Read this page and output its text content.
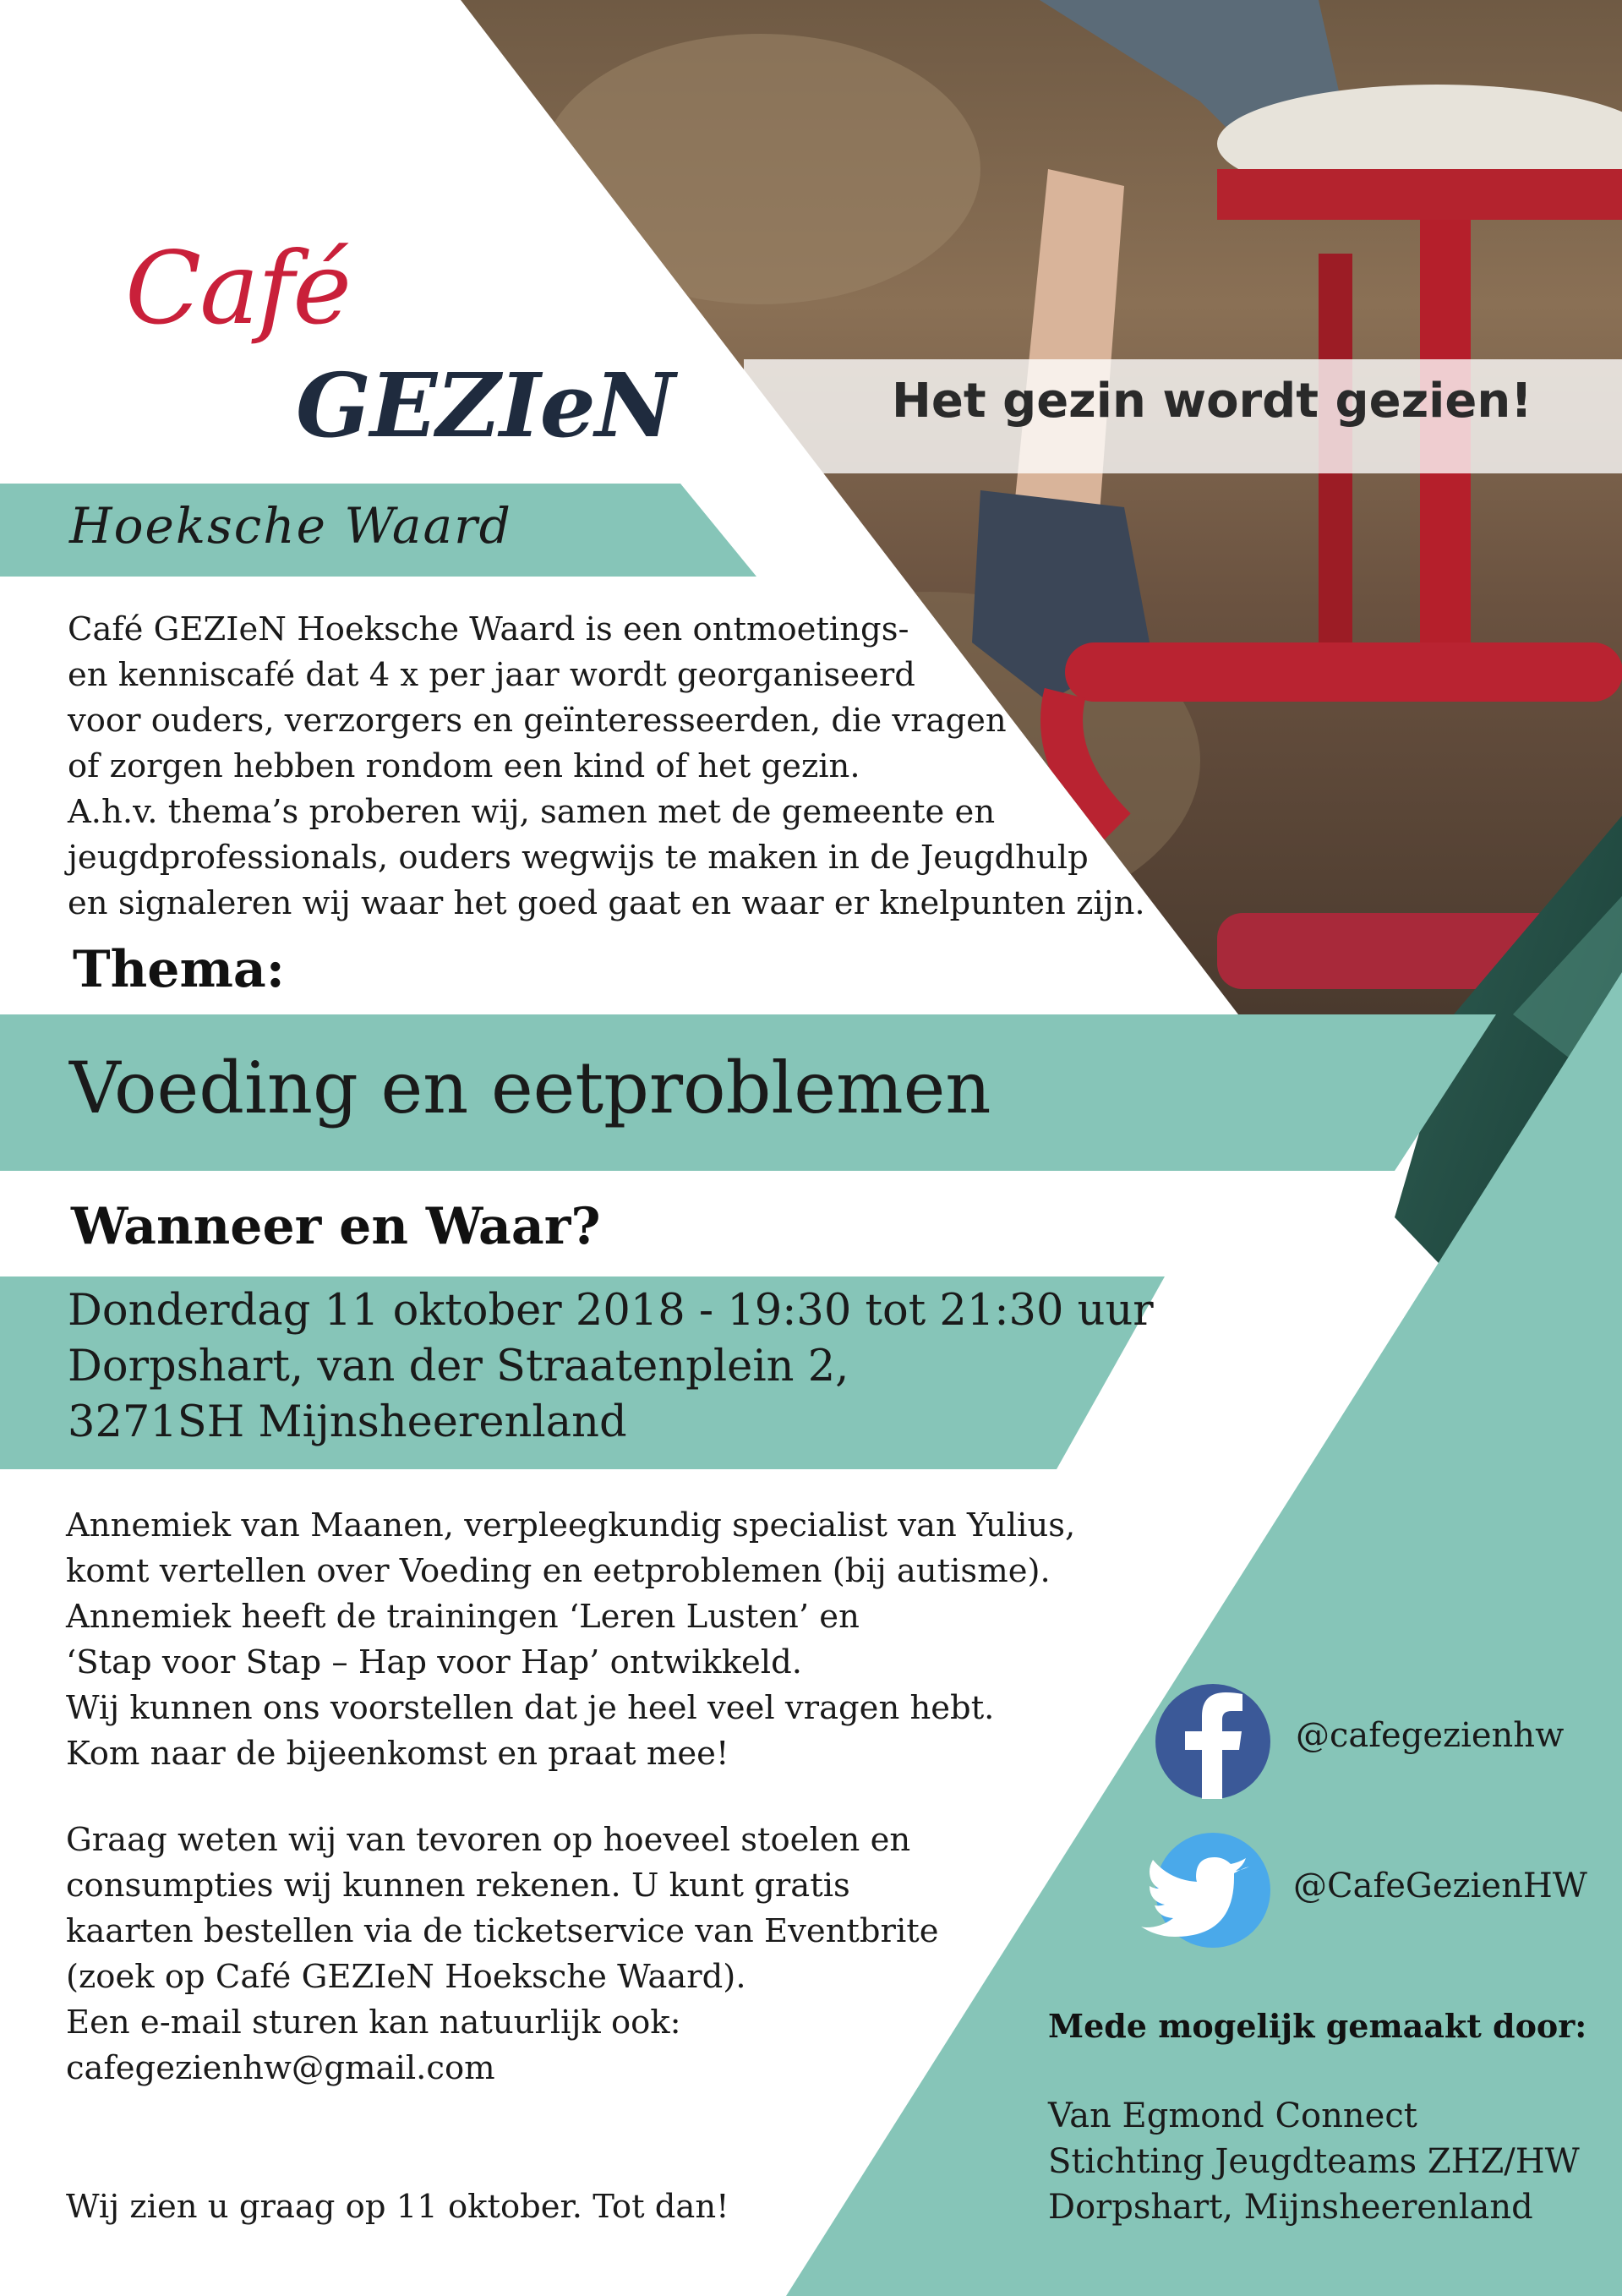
Café
GEZIeN	Het gezin wordt gezien!
Hoeksche Waard
Café GEZIeN Hoeksche Waard is een ontmoetings-
en kenniscafé dat 4 x per jaar wordt georganiseerd
voor ouders, verzorgers en geïnteresseerden, die vragen
of zorgen hebben rondom een kind of het gezin.
A.h.v. thema’s proberen wij, samen met de gemeente en
jeugdprofessionals, ouders wegwijs te maken in de Jeugdhulp
en signaleren wij waar het goed gaat en waar er knelpunten zijn.
Thema:
Voeding en eetproblemen
Wanneer en Waar?
Donderdag 11 oktober 2018 - 19:30 tot 21:30 uur
Dorpshart, van der Straatenplein 2,
3271SH Mijnsheerenland
Annemiek van Maanen, verpleegkundig specialist van Yulius,
komt vertellen over Voeding en eetproblemen (bij autisme).
Annemiek heeft de trainingen ‘Leren Lusten’ en
‘Stap voor Stap – Hap voor Hap’ ontwikkeld.
Wij kunnen ons voorstellen dat je heel veel vragen hebt.
Kom naar de bijeenkomst en praat mee!
Graag weten wij van tevoren op hoeveel stoelen en
consumpties wij kunnen rekenen. U kunt gratis
kaarten bestellen via de ticketservice van Eventbrite
(zoek op Café GEZIeN Hoeksche Waard).
Een e-mail sturen kan natuurlijk ook:
cafegezienhw@gmail.com
Wij zien u graag op 11 oktober. Tot dan!
@cafegezienhw
@CafeGezienHW
Mede mogelijk gemaakt door:
Van Egmond Connect
Stichting Jeugdteams ZHZ/HW
Dorpshart, Mijnsheerenland
